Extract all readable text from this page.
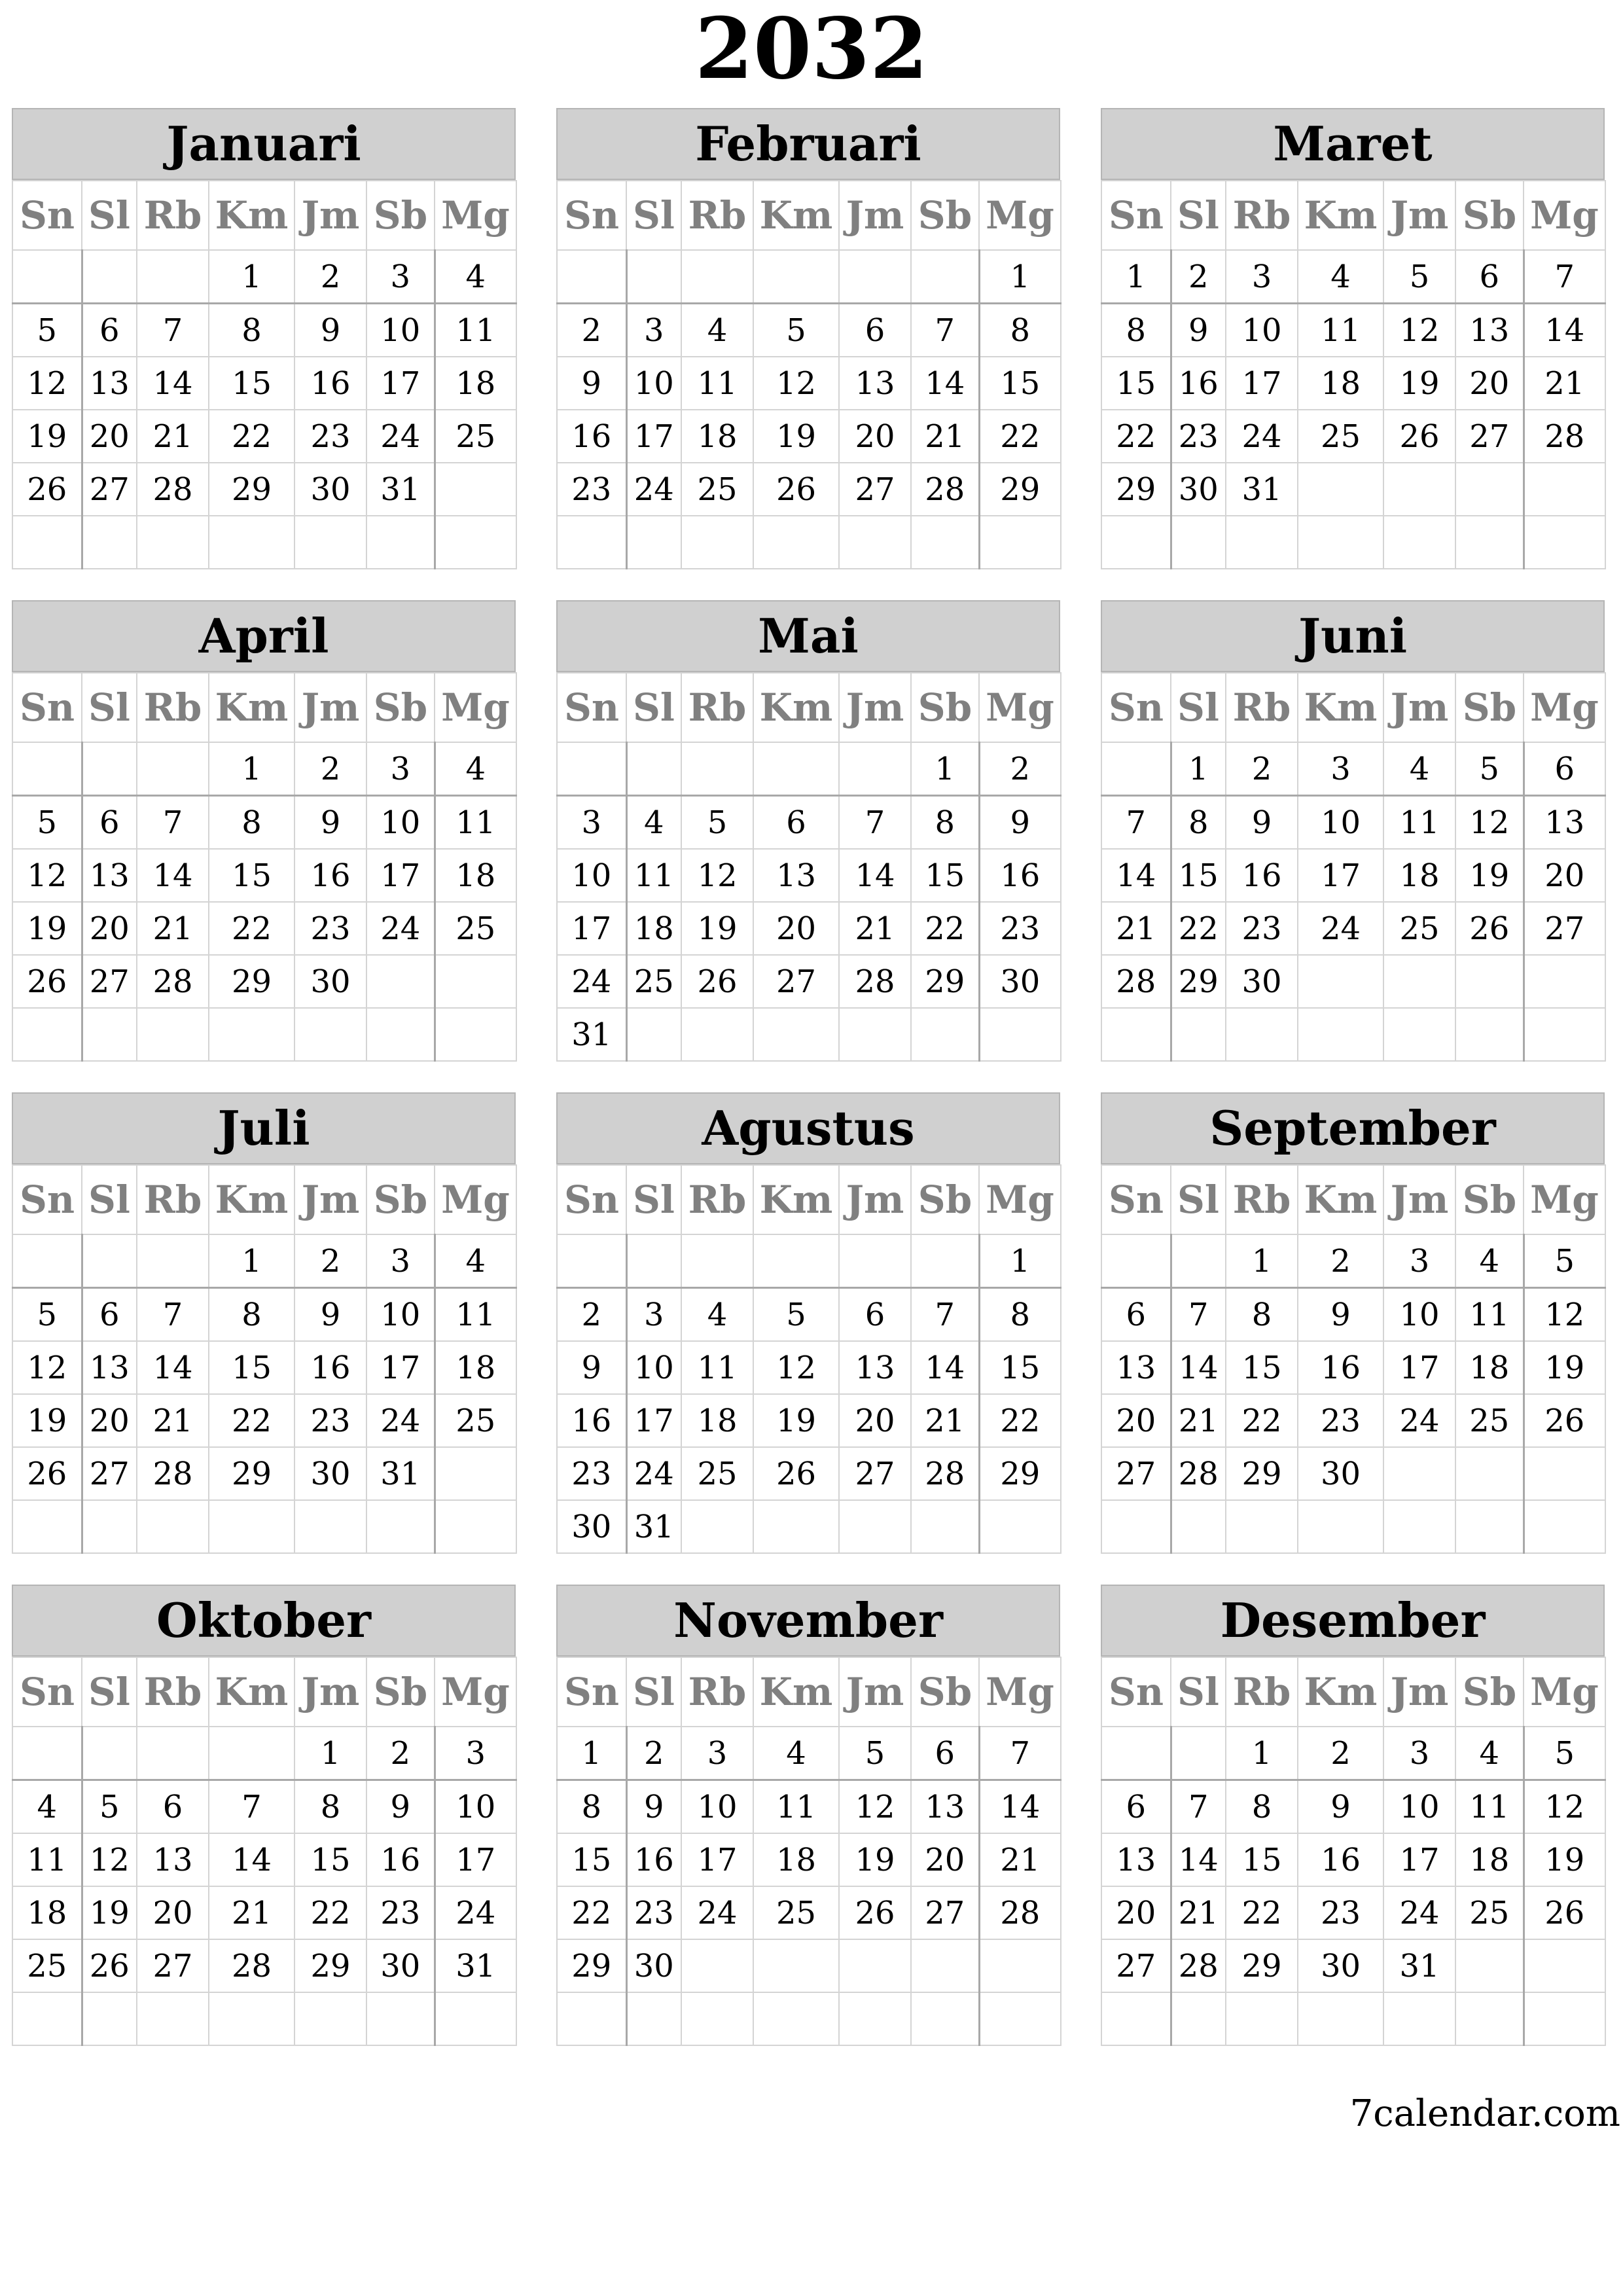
2032
Januari
Sn	Sl	Rb	Km	Jm	Sb	Mg
			1	2	3	4
5	6	7	8	9	10	11
12	13	14	15	16	17	18
19	20	21	22	23	24	25
26	27	28	29	30	31	

Februari
Sn	Sl	Rb	Km	Jm	Sb	Mg
						1
2	3	4	5	6	7	8
9	10	11	12	13	14	15
16	17	18	19	20	21	22
23	24	25	26	27	28	29

Maret
Sn	Sl	Rb	Km	Jm	Sb	Mg
1	2	3	4	5	6	7
8	9	10	11	12	13	14
15	16	17	18	19	20	21
22	23	24	25	26	27	28
29	30	31				

April
Sn	Sl	Rb	Km	Jm	Sb	Mg
			1	2	3	4
5	6	7	8	9	10	11
12	13	14	15	16	17	18
19	20	21	22	23	24	25
26	27	28	29	30		

Mai
Sn	Sl	Rb	Km	Jm	Sb	Mg
					1	2
3	4	5	6	7	8	9
10	11	12	13	14	15	16
17	18	19	20	21	22	23
24	25	26	27	28	29	30
31						
Juni
Sn	Sl	Rb	Km	Jm	Sb	Mg
	1	2	3	4	5	6
7	8	9	10	11	12	13
14	15	16	17	18	19	20
21	22	23	24	25	26	27
28	29	30				

Juli
Sn	Sl	Rb	Km	Jm	Sb	Mg
			1	2	3	4
5	6	7	8	9	10	11
12	13	14	15	16	17	18
19	20	21	22	23	24	25
26	27	28	29	30	31	

Agustus
Sn	Sl	Rb	Km	Jm	Sb	Mg
						1
2	3	4	5	6	7	8
9	10	11	12	13	14	15
16	17	18	19	20	21	22
23	24	25	26	27	28	29
30	31					
September
Sn	Sl	Rb	Km	Jm	Sb	Mg
		1	2	3	4	5
6	7	8	9	10	11	12
13	14	15	16	17	18	19
20	21	22	23	24	25	26
27	28	29	30			

Oktober
Sn	Sl	Rb	Km	Jm	Sb	Mg
				1	2	3
4	5	6	7	8	9	10
11	12	13	14	15	16	17
18	19	20	21	22	23	24
25	26	27	28	29	30	31

November
Sn	Sl	Rb	Km	Jm	Sb	Mg
1	2	3	4	5	6	7
8	9	10	11	12	13	14
15	16	17	18	19	20	21
22	23	24	25	26	27	28
29	30					

Desember
Sn	Sl	Rb	Km	Jm	Sb	Mg
		1	2	3	4	5
6	7	8	9	10	11	12
13	14	15	16	17	18	19
20	21	22	23	24	25	26
27	28	29	30	31		

7calendar.com
